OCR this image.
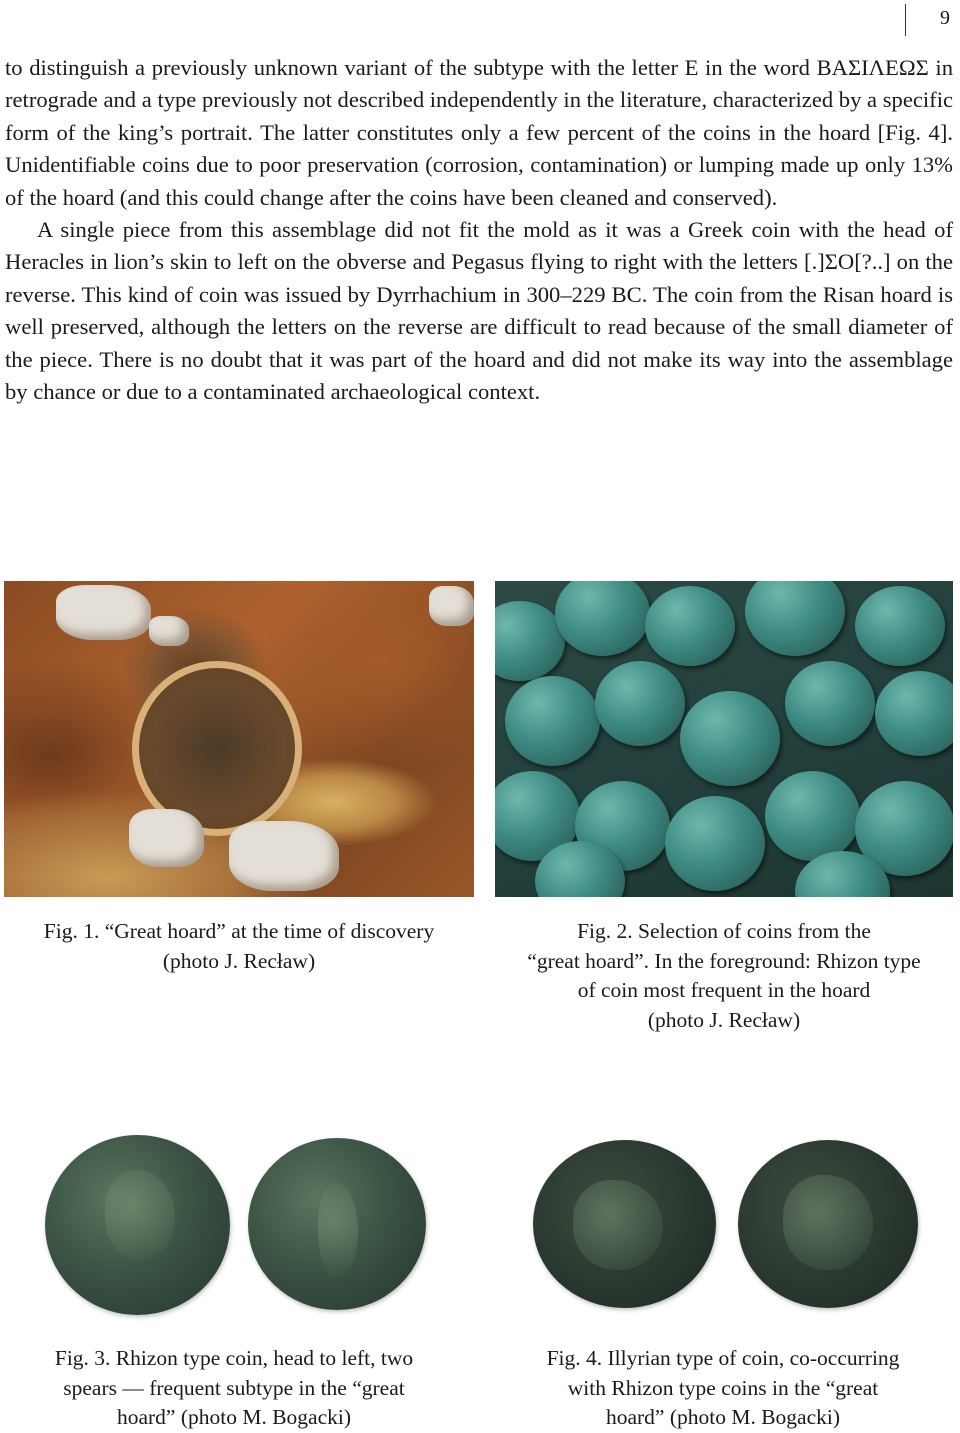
9

to distinguish a previously unknown variant of the subtype with the letter E in the word ΒΑΣΙΛΕΩΣ in retrograde and a type previously not described independently in the literature, characterized by a specific form of the king’s portrait. The latter constitutes only a few percent of the coins in the hoard [Fig. 4]. Unidentifiable coins due to poor preservation (corrosion, contamination) or lumping made up only 13% of the hoard (and this could change after the coins have been cleaned and conserved).

A single piece from this assemblage did not fit the mold as it was a Greek coin with the head of Heracles in lion’s skin to left on the obverse and Pegasus flying to right with the letters [.]ΣΟ[?..] on the reverse. This kind of coin was issued by Dyrrhachium in 300–229 BC. The coin from the Risan hoard is well preserved, although the letters on the reverse are difficult to read because of the small diameter of the piece. There is no doubt that it was part of the hoard and did not make its way into the assemblage by chance or due to a contaminated archaeological context.

Fig. 1. “Great hoard” at the time of discovery
(photo J. Recław)
Fig. 2. Selection of coins from the
“great hoard”. In the foreground: Rhizon type
of coin most frequent in the hoard
(photo J. Recław)
Fig. 3. Rhizon type coin, head to left, two
spears — frequent subtype in the “great
hoard” (photo M. Bogacki)
Fig. 4. Illyrian type of coin, co-occurring
with Rhizon type coins in the “great
hoard” (photo M. Bogacki)
